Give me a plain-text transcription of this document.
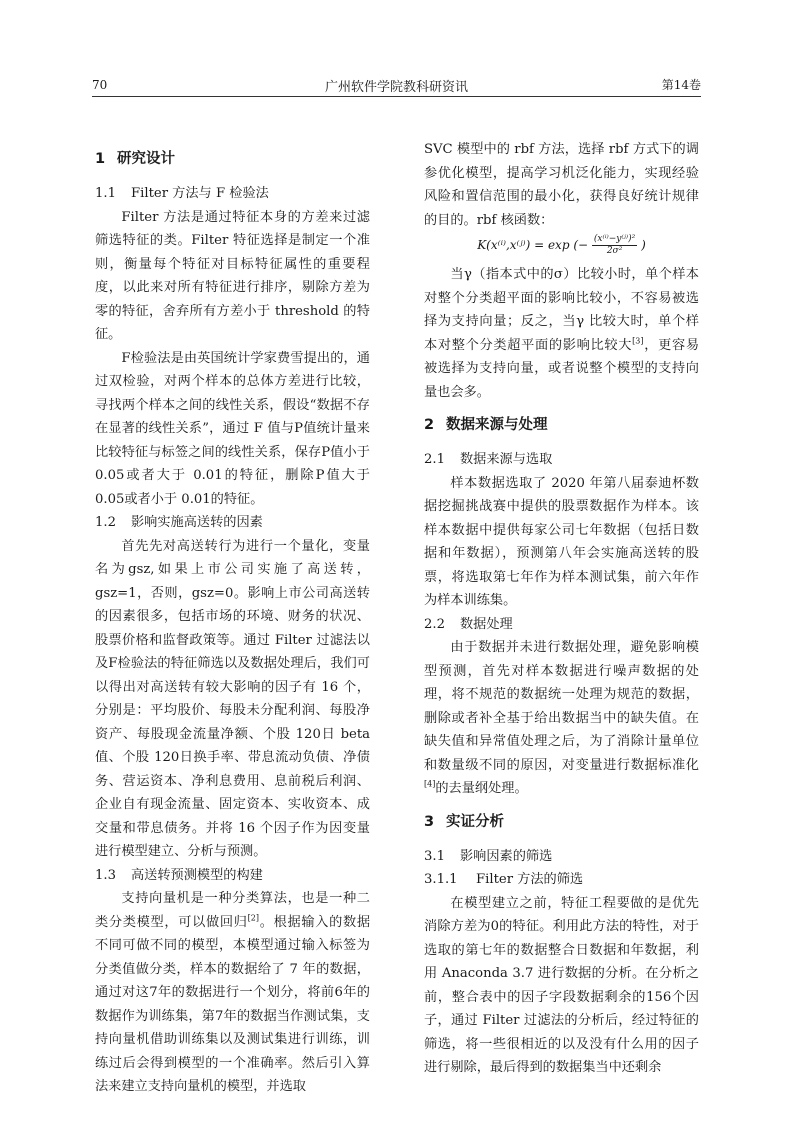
70	广州软件学院教科研资讯	第14卷
1 研究设计
1.1 Filter 方法与 F 检验法

Filter 方法是通过特征本身的方差来过滤筛选特征的类。Filter 特征选择是制定一个准则，衡量每个特征对目标特征属性的重要程度，以此来对所有特征进行排序，剔除方差为零的特征，舍弃所有方差小于 threshold 的特征。

F检验法是由英国统计学家费雪提出的，通过双检验，对两个样本的总体方差进行比较，寻找两个样本之间的线性关系，假设“数据不存在显著的线性关系”，通过 F 值与P值统计量来比较特征与标签之间的线性关系，保存P值小于 0.05或者大于 0.01的特征，删除P值大于 0.05或者小于 0.01的特征。

1.2 影响实施高送转的因素

首先先对高送转行为进行一个量化，变量名为gsz,如果上市公司实施了高送转，gsz=1，否则，gsz=0。影响上市公司高送转的因素很多，包括市场的环境、财务的状况、股票价格和监督政策等。通过 Filter 过滤法以及F检验法的特征筛选以及数据处理后，我们可以得出对高送转有较大影响的因子有 16 个，分别是：平均股价、每股未分配利润、每股净资产、每股现金流量净额、个股 120日 beta值、个股 120日换手率、带息流动负债、净债务、营运资本、净利息费用、息前税后利润、企业自有现金流量、固定资本、实收资本、成交量和带息债务。并将 16 个因子作为因变量进行模型建立、分析与预测。

1.3 高送转预测模型的构建

支持向量机是一种分类算法，也是一种二类分类模型，可以做回归[2]。根据输入的数据不同可做不同的模型，本模型通过输入标签为分类值做分类，样本的数据给了 7 年的数据，通过对这7年的数据进行一个划分，将前6年的数据作为训练集，第7年的数据当作测试集，支持向量机借助训练集以及测试集进行训练，训练过后会得到模型的一个准确率。然后引入算法来建立支持向量机的模型，并选取

SVC 模型中的 rbf 方法，选择 rbf 方式下的调参优化模型，提高学习机泛化能力，实现经验风险和置信范围的最小化，获得良好统计规律的目的。rbf 核函数：

K(x⁽ⁱ⁾,x⁽ʲ⁾) = exp (− $\frac{\text{(x⁽ⁱ⁾−y⁽ʲ⁾)²}}{\text{2σ²}}$ )

当γ（指本式中的σ）比较小时，单个样本对整个分类超平面的影响比较小，不容易被选择为支持向量；反之，当γ 比较大时，单个样本对整个分类超平面的影响比较大[3]，更容易被选择为支持向量，或者说整个模型的支持向量也会多。

2 数据来源与处理
2.1 数据来源与选取

样本数据选取了 2020 年第八届泰迪杯数据挖掘挑战赛中提供的股票数据作为样本。该样本数据中提供每家公司七年数据（包括日数据和年数据），预测第八年会实施高送转的股票，将选取第七年作为样本测试集，前六年作为样本训练集。

2.2 数据处理

由于数据并未进行数据处理，避免影响模型预测，首先对样本数据进行噪声数据的处理，将不规范的数据统一处理为规范的数据，删除或者补全基于给出数据当中的缺失值。在缺失值和异常值处理之后，为了消除计量单位和数量级不同的原因，对变量进行数据标准化[4]的去量纲处理。

3 实证分析
3.1 影响因素的筛选
3.1.1 Filter 方法的筛选

在模型建立之前，特征工程要做的是优先消除方差为0的特征。利用此方法的特性，对于选取的第七年的数据整合日数据和年数据，利用 Anaconda 3.7 进行数据的分析。在分析之前，整合表中的因子字段数据剩余的156个因子，通过 Filter 过滤法的分析后，经过特征的筛选，将一些很相近的以及没有什么用的因子进行剔除，最后得到的数据集当中还剩余
